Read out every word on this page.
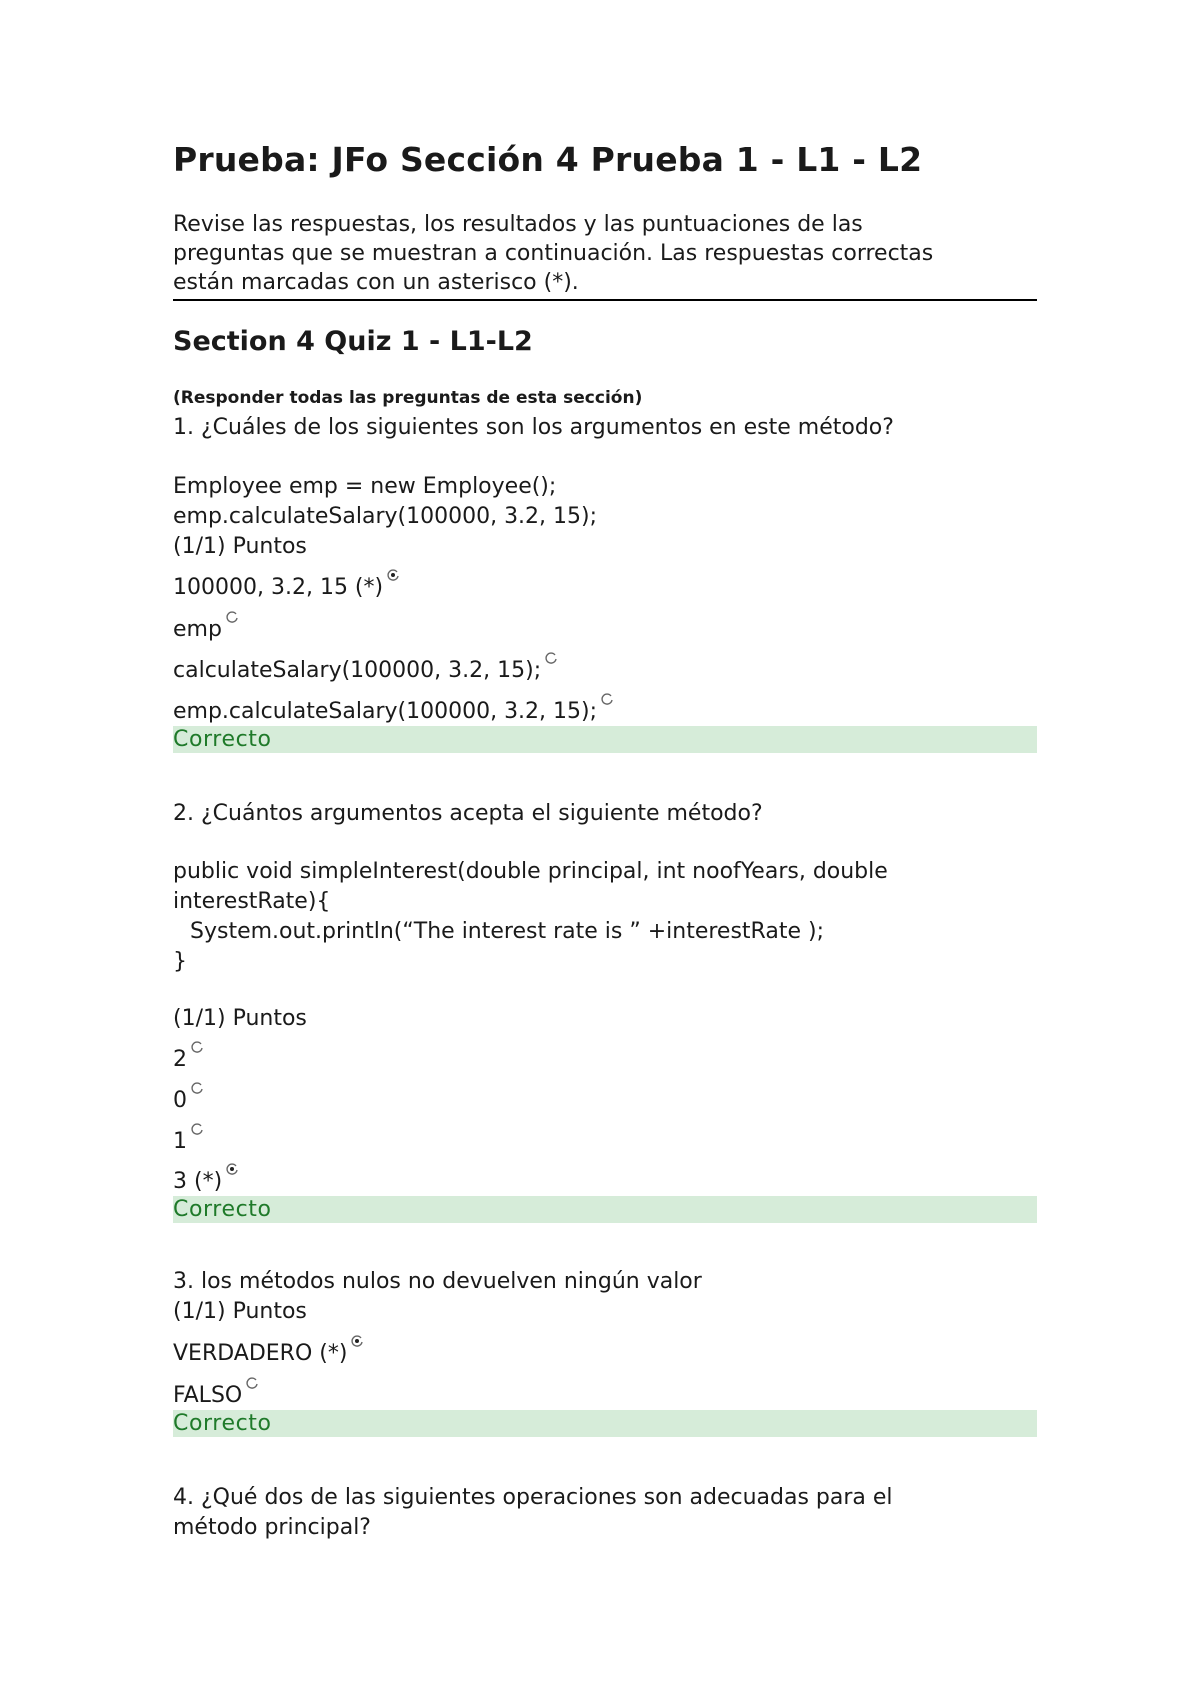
Prueba: JFo Sección 4 Prueba 1 - L1 - L2

Revise las respuestas, los resultados y las puntuaciones de las

preguntas que se muestran a continuación. Las respuestas correctas

están marcadas con un asterisco (*).

Section 4 Quiz 1 - L1-L2
(Responder todas las preguntas de esta sección)

1. ¿Cuáles de los siguientes son los argumentos en este método?

Employee emp = new Employee();

emp.calculateSalary(100000, 3.2, 15);

(1/1) Puntos

100000, 3.2, 15 (*)
emp
calculateSalary(100000, 3.2, 15);
emp.calculateSalary(100000, 3.2, 15);
Correcto

2. ¿Cuántos argumentos acepta el siguiente método?

public void simpleInterest(double principal, int noofYears, double

interestRate){

System.out.println(“The interest rate is ” +interestRate );

}

(1/1) Puntos

2
0
1
3 (*)
Correcto

3. los métodos nulos no devuelven ningún valor

(1/1) Puntos

VERDADERO (*)
FALSO
Correcto

4. ¿Qué dos de las siguientes operaciones son adecuadas para el

método principal?
